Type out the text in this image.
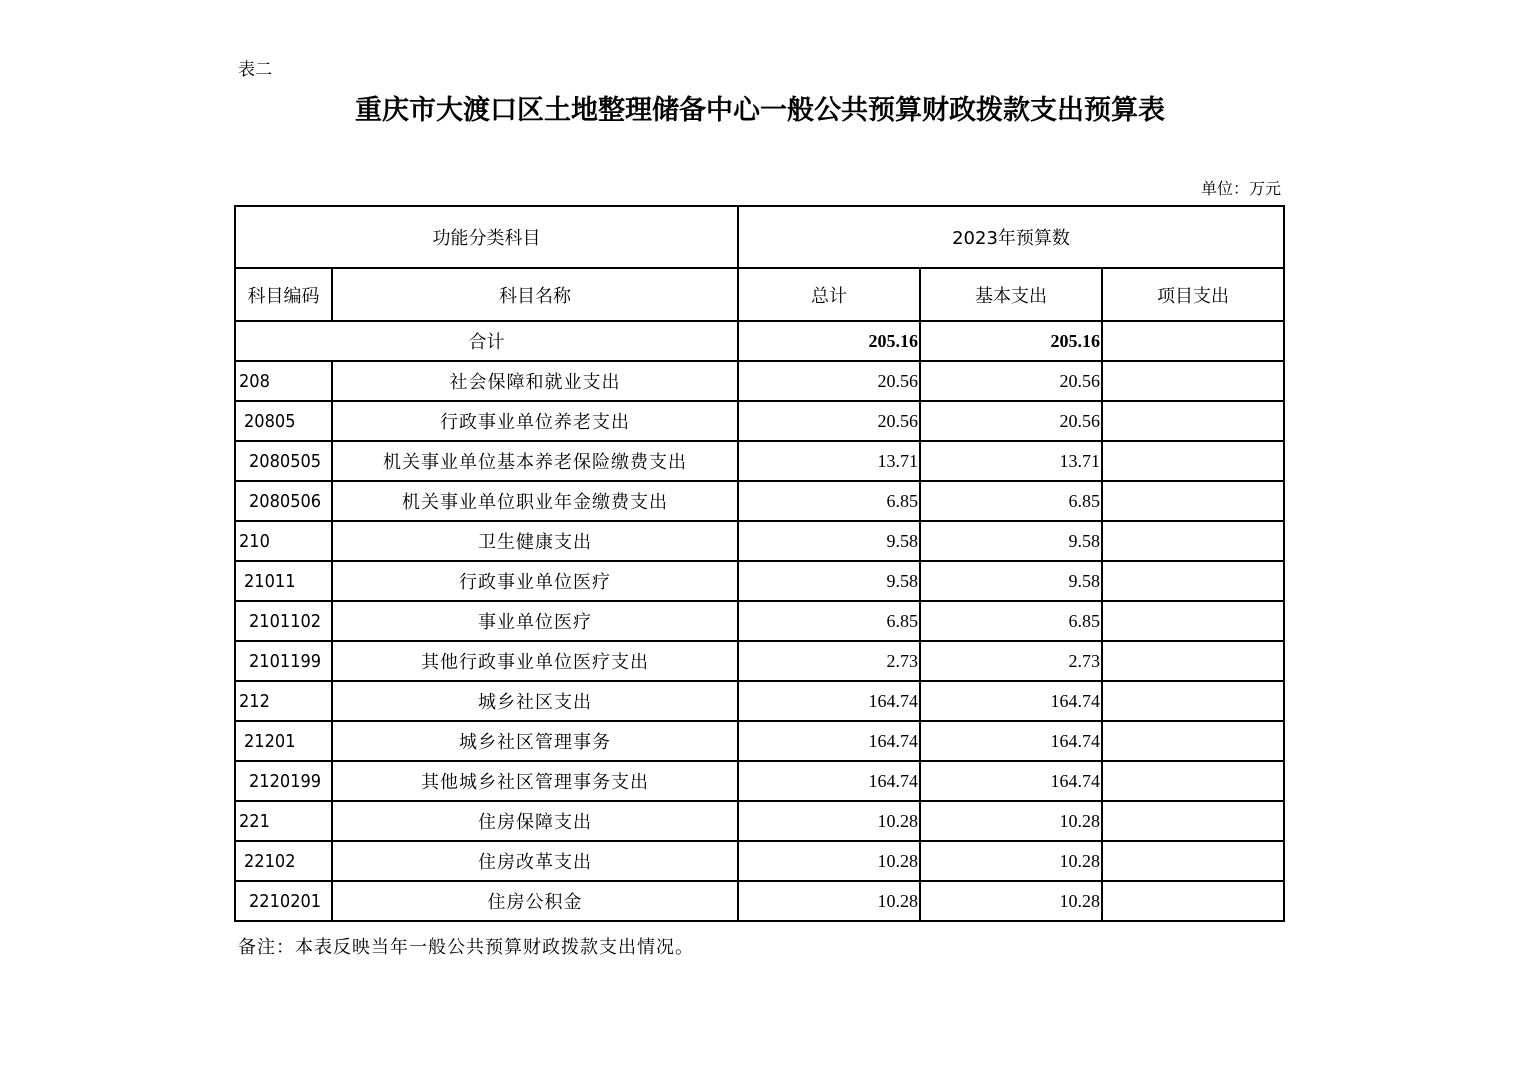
表二
重庆市大渡口区土地整理储备中心一般公共预算财政拨款支出预算表
单位：万元
功能分类科目		2023年预算数		
科目编码	科目名称	总计	基本支出	项目支出
合计		205.16	205.16	
208	社会保障和就业支出	20.56	20.56	
20805	行政事业单位养老支出	20.56	20.56	
2080505	机关事业单位基本养老保险缴费支出	13.71	13.71	
2080506	机关事业单位职业年金缴费支出	6.85	6.85	
210	卫生健康支出	9.58	9.58	
21011	行政事业单位医疗	9.58	9.58	
2101102	事业单位医疗	6.85	6.85	
2101199	其他行政事业单位医疗支出	2.73	2.73	
212	城乡社区支出	164.74	164.74	
21201	城乡社区管理事务	164.74	164.74	
2120199	其他城乡社区管理事务支出	164.74	164.74	
221	住房保障支出	10.28	10.28	
22102	住房改革支出	10.28	10.28	
2210201	住房公积金	10.28	10.28	
备注：本表反映当年一般公共预算财政拨款支出情况。
